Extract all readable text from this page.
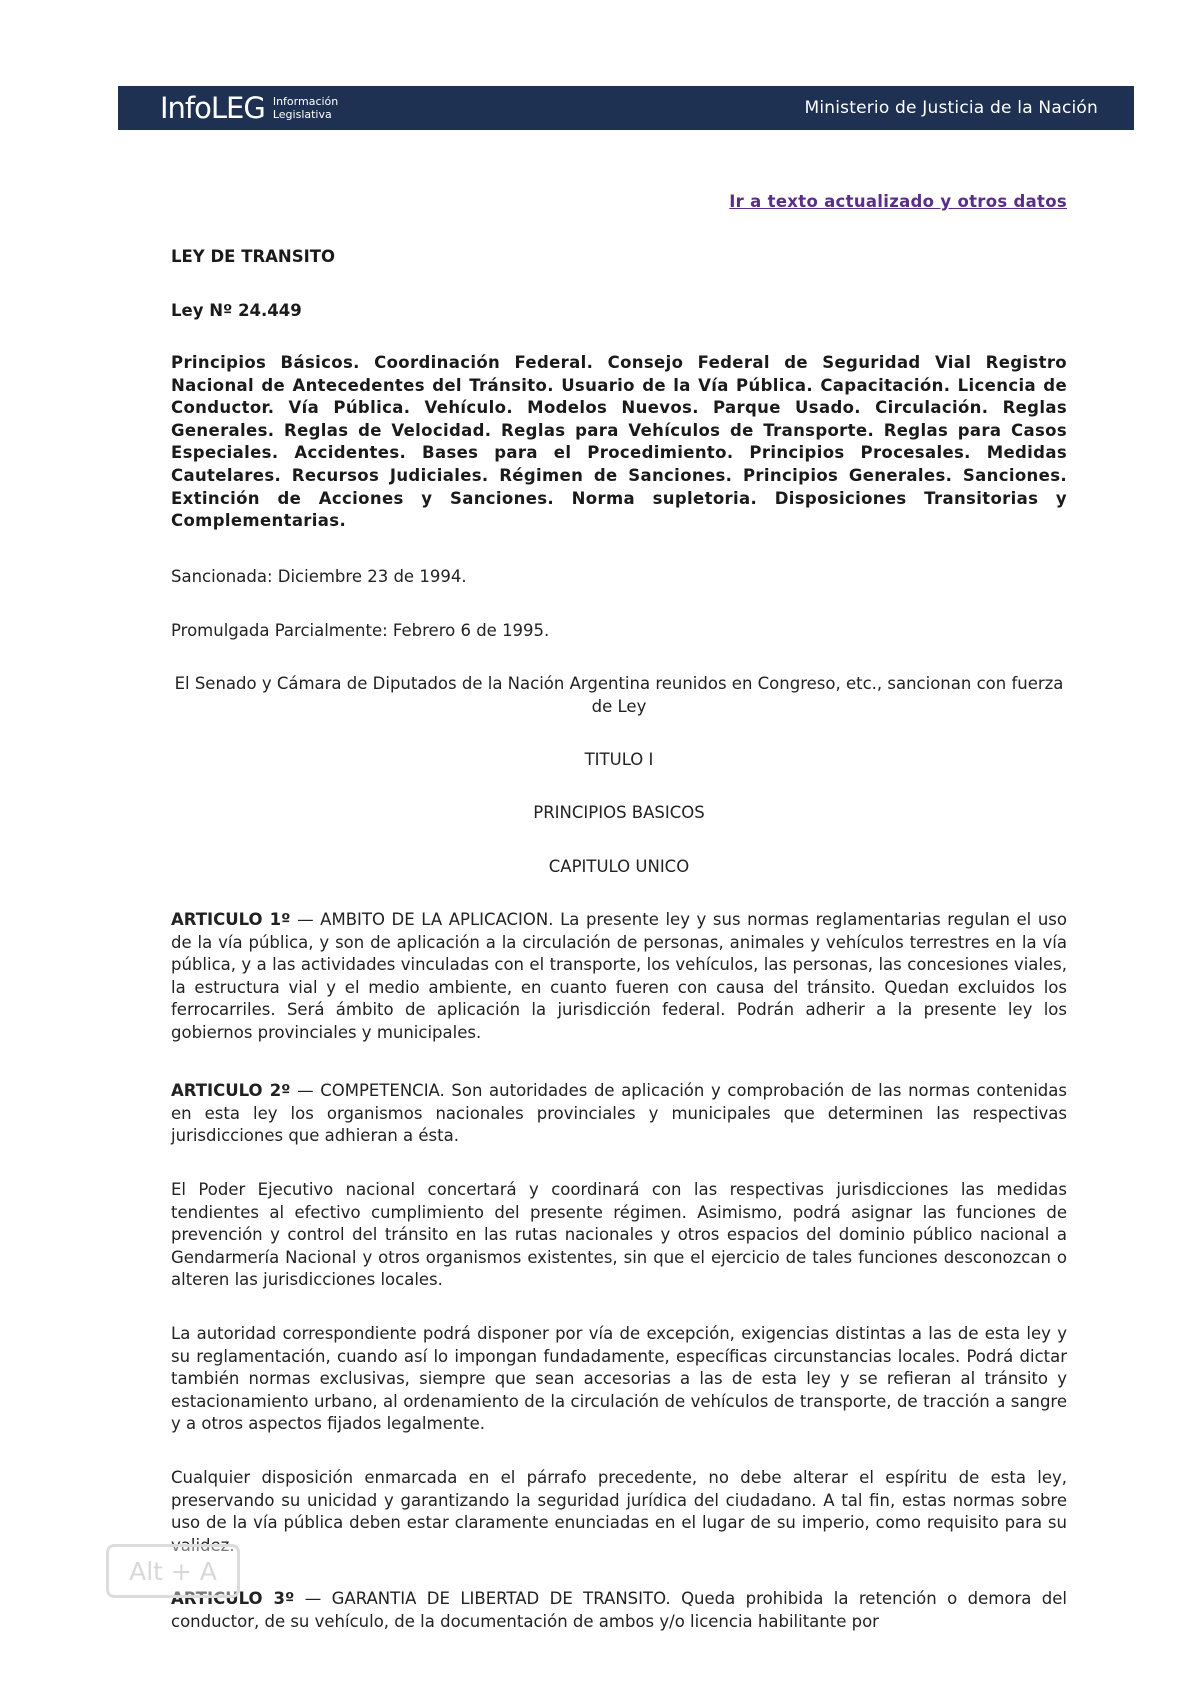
InfoLEG Información
Legislativa	Ministerio de Justicia de la Nación
Ir a texto actualizado y otros datos

LEY DE TRANSITO

Ley Nº 24.449

Principios Básicos. Coordinación Federal. Consejo Federal de Seguridad Vial Registro Nacional de Antecedentes del Tránsito. Usuario de la Vía Pública. Capacitación. Licencia de Conductor. Vía Pública. Vehículo. Modelos Nuevos. Parque Usado. Circulación. Reglas Generales. Reglas de Velocidad. Reglas para Vehículos de Transporte. Reglas para Casos Especiales. Accidentes. Bases para el Procedimiento. Principios Procesales. Medidas Cautelares. Recursos Judiciales. Régimen de Sanciones. Principios Generales. Sanciones. Extinción de Acciones y Sanciones. Norma supletoria. Disposiciones Transitorias y Complementarias.

Sancionada: Diciembre 23 de 1994.

Promulgada Parcialmente: Febrero 6 de 1995.

El Senado y Cámara de Diputados de la Nación Argentina reunidos en Congreso, etc., sancionan con fuerza de Ley

TITULO I

PRINCIPIOS BASICOS

CAPITULO UNICO

ARTICULO 1º — AMBITO DE LA APLICACION. La presente ley y sus normas reglamentarias regulan el uso de la vía pública, y son de aplicación a la circulación de personas, animales y vehículos terrestres en la vía pública, y a las actividades vinculadas con el transporte, los vehículos, las personas, las concesiones viales, la estructura vial y el medio ambiente, en cuanto fueren con causa del tránsito. Quedan excluidos los ferrocarriles. Será ámbito de aplicación la jurisdicción federal. Podrán adherir a la presente ley los gobiernos provinciales y municipales.

ARTICULO 2º — COMPETENCIA. Son autoridades de aplicación y comprobación de las normas contenidas en esta ley los organismos nacionales provinciales y municipales que determinen las respectivas jurisdicciones que adhieran a ésta.

El Poder Ejecutivo nacional concertará y coordinará con las respectivas jurisdicciones las medidas tendientes al efectivo cumplimiento del presente régimen. Asimismo, podrá asignar las funciones de prevención y control del tránsito en las rutas nacionales y otros espacios del dominio público nacional a Gendarmería Nacional y otros organismos existentes, sin que el ejercicio de tales funciones desconozcan o alteren las jurisdicciones locales.

La autoridad correspondiente podrá disponer por vía de excepción, exigencias distintas a las de esta ley y su reglamentación, cuando así lo impongan fundadamente, específicas circunstancias locales. Podrá dictar también normas exclusivas, siempre que sean accesorias a las de esta ley y se refieran al tránsito y estacionamiento urbano, al ordenamiento de la circulación de vehículos de transporte, de tracción a sangre y a otros aspectos fijados legalmente.

Cualquier disposición enmarcada en el párrafo precedente, no debe alterar el espíritu de esta ley, preservando su unicidad y garantizando la seguridad jurídica del ciudadano. A tal fin, estas normas sobre uso de la vía pública deben estar claramente enunciadas en el lugar de su imperio, como requisito para su validez.

ARTICULO 3º — GARANTIA DE LIBERTAD DE TRANSITO. Queda prohibida la retención o demora del conductor, de su vehículo, de la documentación de ambos y/o licencia habilitante por

Alt + A
